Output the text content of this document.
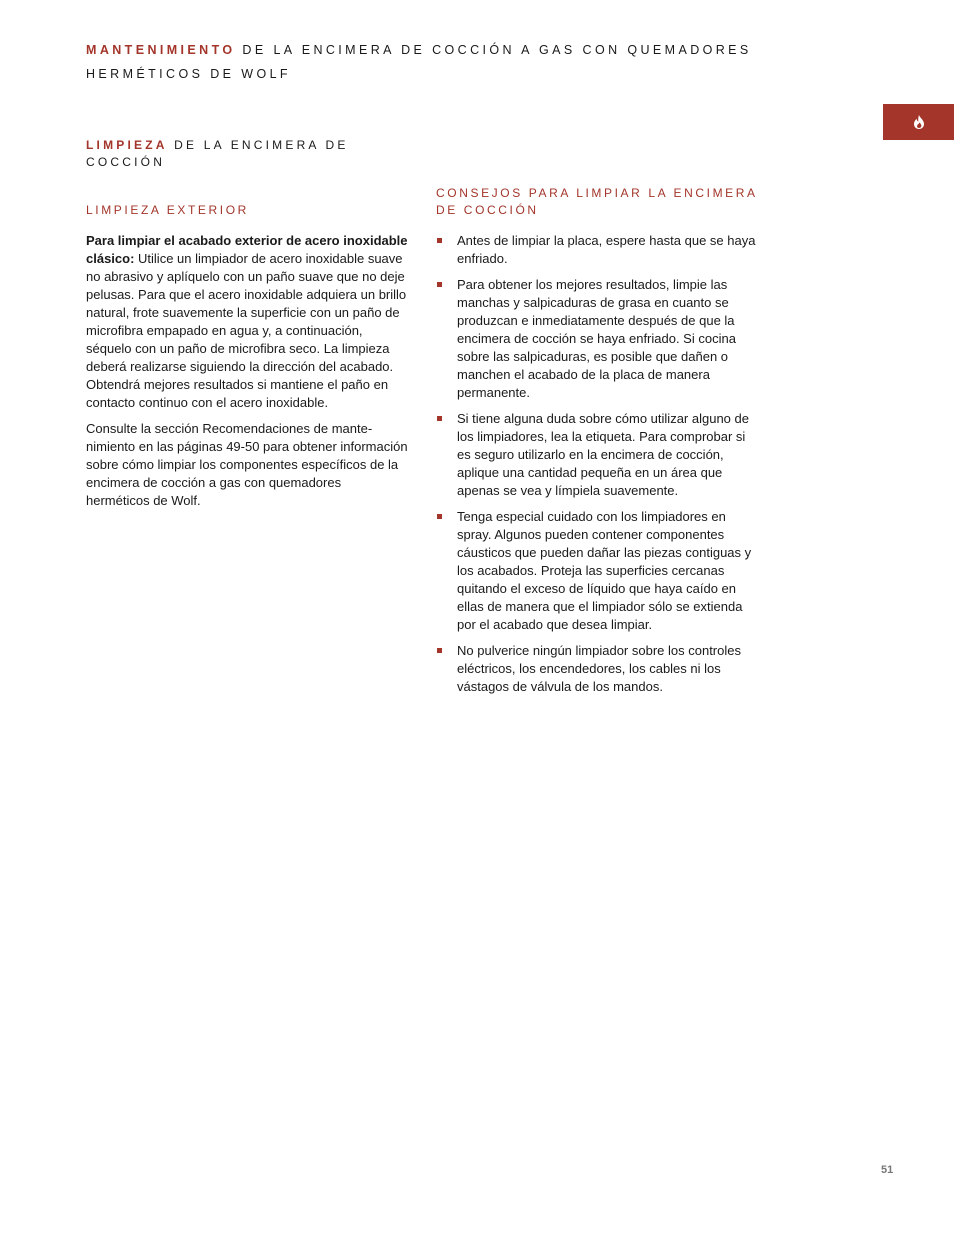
MANTENIMIENTO DE LA ENCIMERA DE COCCIÓN A GAS CON QUEMADORES HERMÉTICOS DE WOLF
LIMPIEZA DE LA ENCIMERA DE COCCIÓN
LIMPIEZA EXTERIOR

Para limpiar el acabado exterior de acero inoxidable clásico: Utilice un limpiador de acero inoxidable suave no abrasivo y aplíquelo con un paño suave que no deje pelusas. Para que el acero inoxidable adquiera un brillo natural, frote suavemente la superficie con un paño de microfibra empapado en agua y, a continuación, séquelo con un paño de microfibra seco. La limpieza deberá realizarse siguiendo la dirección del acabado. Obtendrá mejores resultados si mantiene el paño en contacto continuo con el acero inoxidable.

Consulte la sección Recomendaciones de mantenimiento en las páginas 49-50 para obtener información sobre cómo limpiar los componentes específicos de la encimera de cocción a gas con quemadores herméticos de Wolf.

CONSEJOS PARA LIMPIAR LA ENCIMERA DE COCCIÓN
Antes de limpiar la placa, espere hasta que se haya enfriado.
Para obtener los mejores resultados, limpie las manchas y salpicaduras de grasa en cuanto se produzcan e inmediatamente después de que la encimera de cocción se haya enfriado. Si cocina sobre las salpicaduras, es posible que dañen o manchen el acabado de la placa de manera permanente.
Si tiene alguna duda sobre cómo utilizar alguno de los limpiadores, lea la etiqueta. Para comprobar si es seguro utilizarlo en la encimera de cocción, aplique una cantidad pequeña en un área que apenas se vea y límpiela suavemente.
Tenga especial cuidado con los limpiadores en spray. Algunos pueden contener componentes cáusticos que pueden dañar las piezas contiguas y los acabados. Proteja las superficies cercanas quitando el exceso de líquido que haya caído en ellas de manera que el limpiador sólo se extienda por el acabado que desea limpiar.
No pulverice ningún limpiador sobre los controles eléctricos, los encendedores, los cables ni los vástagos de válvula de los mandos.
51
